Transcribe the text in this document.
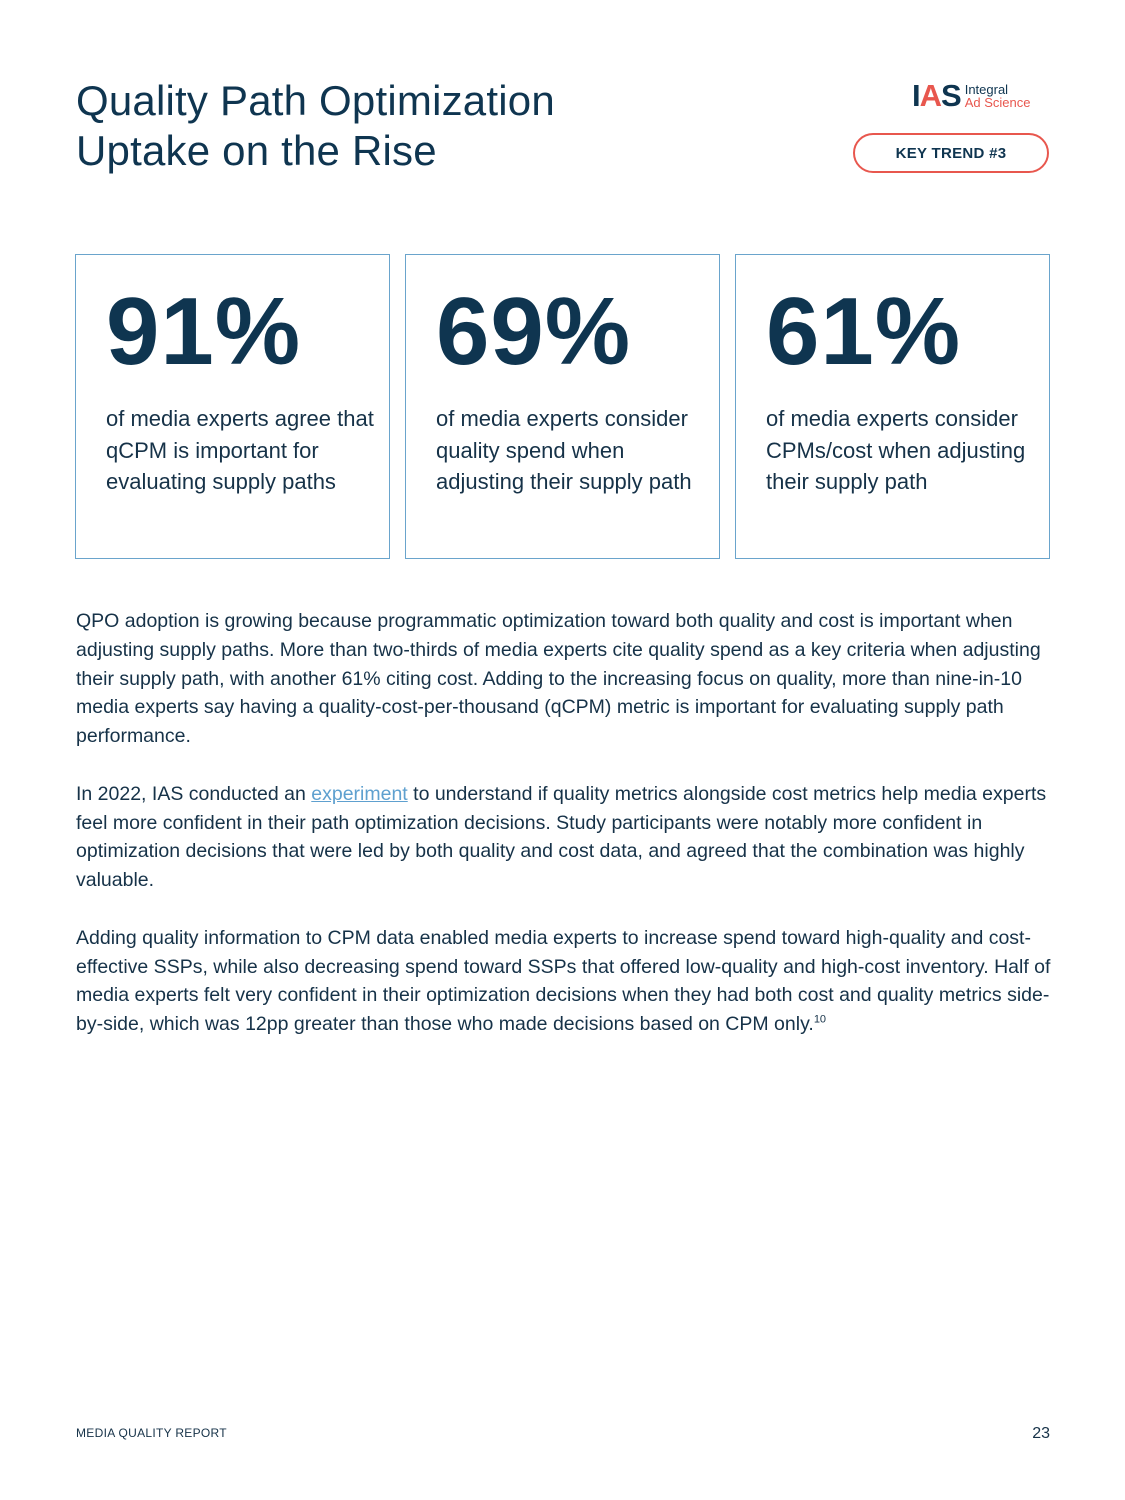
Quality Path Optimization
Uptake on the Rise
IAS Integral
Ad Science
KEY TREND #3
91%
of media experts agree that qCPM is important for evaluating supply paths
69%
of media experts consider quality spend when adjusting their supply path
61%
of media experts consider CPMs/cost when adjusting their supply path

QPO adoption is growing because programmatic optimization toward both quality and cost is important when adjusting supply paths. More than two-thirds of media experts cite quality spend as a key criteria when adjusting their supply path, with another 61% citing cost. Adding to the increasing focus on quality, more than nine-in-10 media experts say having a quality-cost-per-thousand (qCPM) metric is important for evaluating supply path performance.

In 2022, IAS conducted an experiment to understand if quality metrics alongside cost metrics help media experts feel more confident in their path optimization decisions. Study participants were notably more confident in optimization decisions that were led by both quality and cost data, and agreed that the combination was highly valuable.

Adding quality information to CPM data enabled media experts to increase spend toward high-quality and cost-effective SSPs, while also decreasing spend toward SSPs that offered low-quality and high-cost inventory. Half of media experts felt very confident in their optimization decisions when they had both cost and quality metrics side-by-side, which was 12pp greater than those who made decisions based on CPM only.$^{10}$

MEDIA QUALITY REPORT	23
